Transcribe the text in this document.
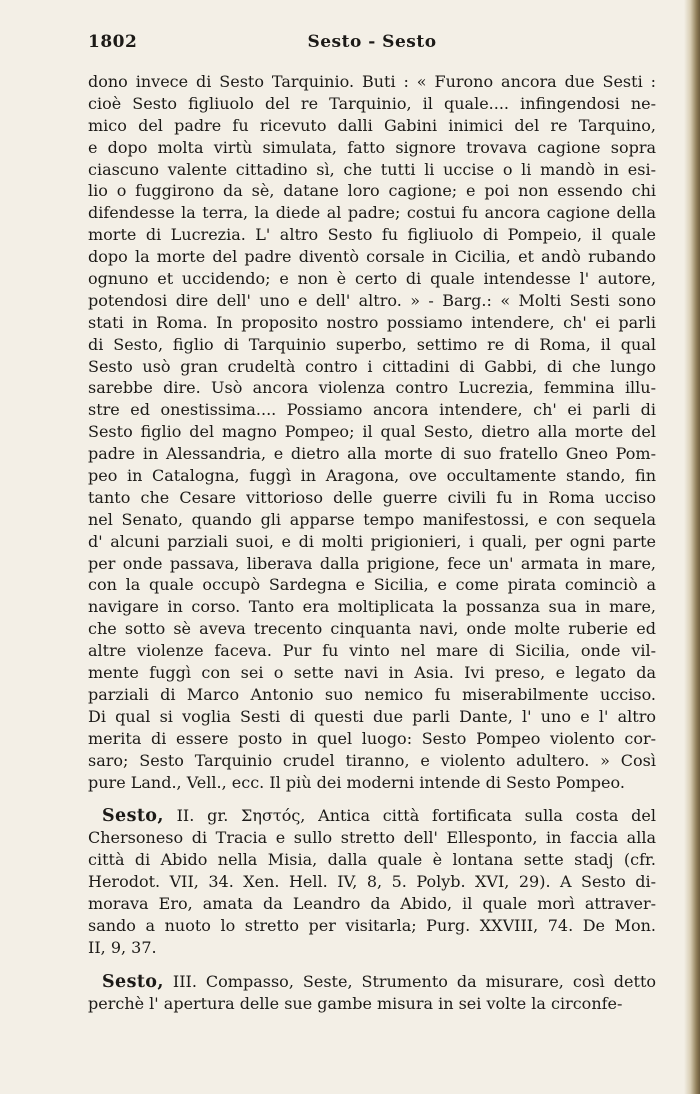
1802	Sesto - Sesto
dono invece di Sesto Tarquinio. Buti : « Furono ancora due Sesti :
cioè Sesto figliuolo del re Tarquinio, il quale.... infingendosi ne-
mico del padre fu ricevuto dalli Gabini inimici del re Tarquino,
e dopo molta virtù simulata, fatto signore trovava cagione sopra
ciascuno valente cittadino sì, che tutti li uccise o li mandò in esi-
lio o fuggirono da sè, datane loro cagione; e poi non essendo chi
difendesse la terra, la diede al padre; costui fu ancora cagione della
morte di Lucrezia. L' altro Sesto fu figliuolo di Pompeio, il quale
dopo la morte del padre diventò corsale in Cicilia, et andò rubando
ognuno et uccidendo; e non è certo di quale intendesse l' autore,
potendosi dire dell' uno e dell' altro. » - Barg.: « Molti Sesti sono
stati in Roma. In proposito nostro possiamo intendere, ch' ei parli
di Sesto, figlio di Tarquinio superbo, settimo re di Roma, il qual
Sesto usò gran crudeltà contro i cittadini di Gabbi, di che lungo
sarebbe dire. Usò ancora violenza contro Lucrezia, femmina illu-
stre ed onestissima.... Possiamo ancora intendere, ch' ei parli di
Sesto figlio del magno Pompeo; il qual Sesto, dietro alla morte del
padre in Alessandria, e dietro alla morte di suo fratello Gneo Pom-
peo in Catalogna, fuggì in Aragona, ove occultamente stando, fin
tanto che Cesare vittorioso delle guerre civili fu in Roma ucciso
nel Senato, quando gli apparse tempo manifestossi, e con sequela
d' alcuni parziali suoi, e di molti prigionieri, i quali, per ogni parte
per onde passava, liberava dalla prigione, fece un' armata in mare,
con la quale occupò Sardegna e Sicilia, e come pirata cominciò a
navigare in corso. Tanto era moltiplicata la possanza sua in mare,
che sotto sè aveva trecento cinquanta navi, onde molte ruberie ed
altre violenze faceva. Pur fu vinto nel mare di Sicilia, onde vil-
mente fuggì con sei o sette navi in Asia. Ivi preso, e legato da
parziali di Marco Antonio suo nemico fu miserabilmente ucciso.
Di qual si voglia Sesti di questi due parli Dante, l' uno e l' altro
merita di essere posto in quel luogo: Sesto Pompeo violento cor-
saro; Sesto Tarquinio crudel tiranno, e violento adultero. » Così
pure Land., Vell., ecc. Il più dei moderni intende di Sesto Pompeo.
Sesto, II. gr. Σηστός, Antica città fortificata sulla costa del
Chersoneso di Tracia e sullo stretto dell' Ellesponto, in faccia alla
città di Abido nella Misia, dalla quale è lontana sette stadj (cfr.
Herodot. VII, 34. Xen. Hell. IV, 8, 5. Polyb. XVI, 29). A Sesto di-
morava Ero, amata da Leandro da Abido, il quale morì attraver-
sando a nuoto lo stretto per visitarla; Purg. XXVIII, 74. De Mon.
II, 9, 37.
Sesto, III. Compasso, Seste, Strumento da misurare, così detto
perchè l' apertura delle sue gambe misura in sei volte la circonfe-
